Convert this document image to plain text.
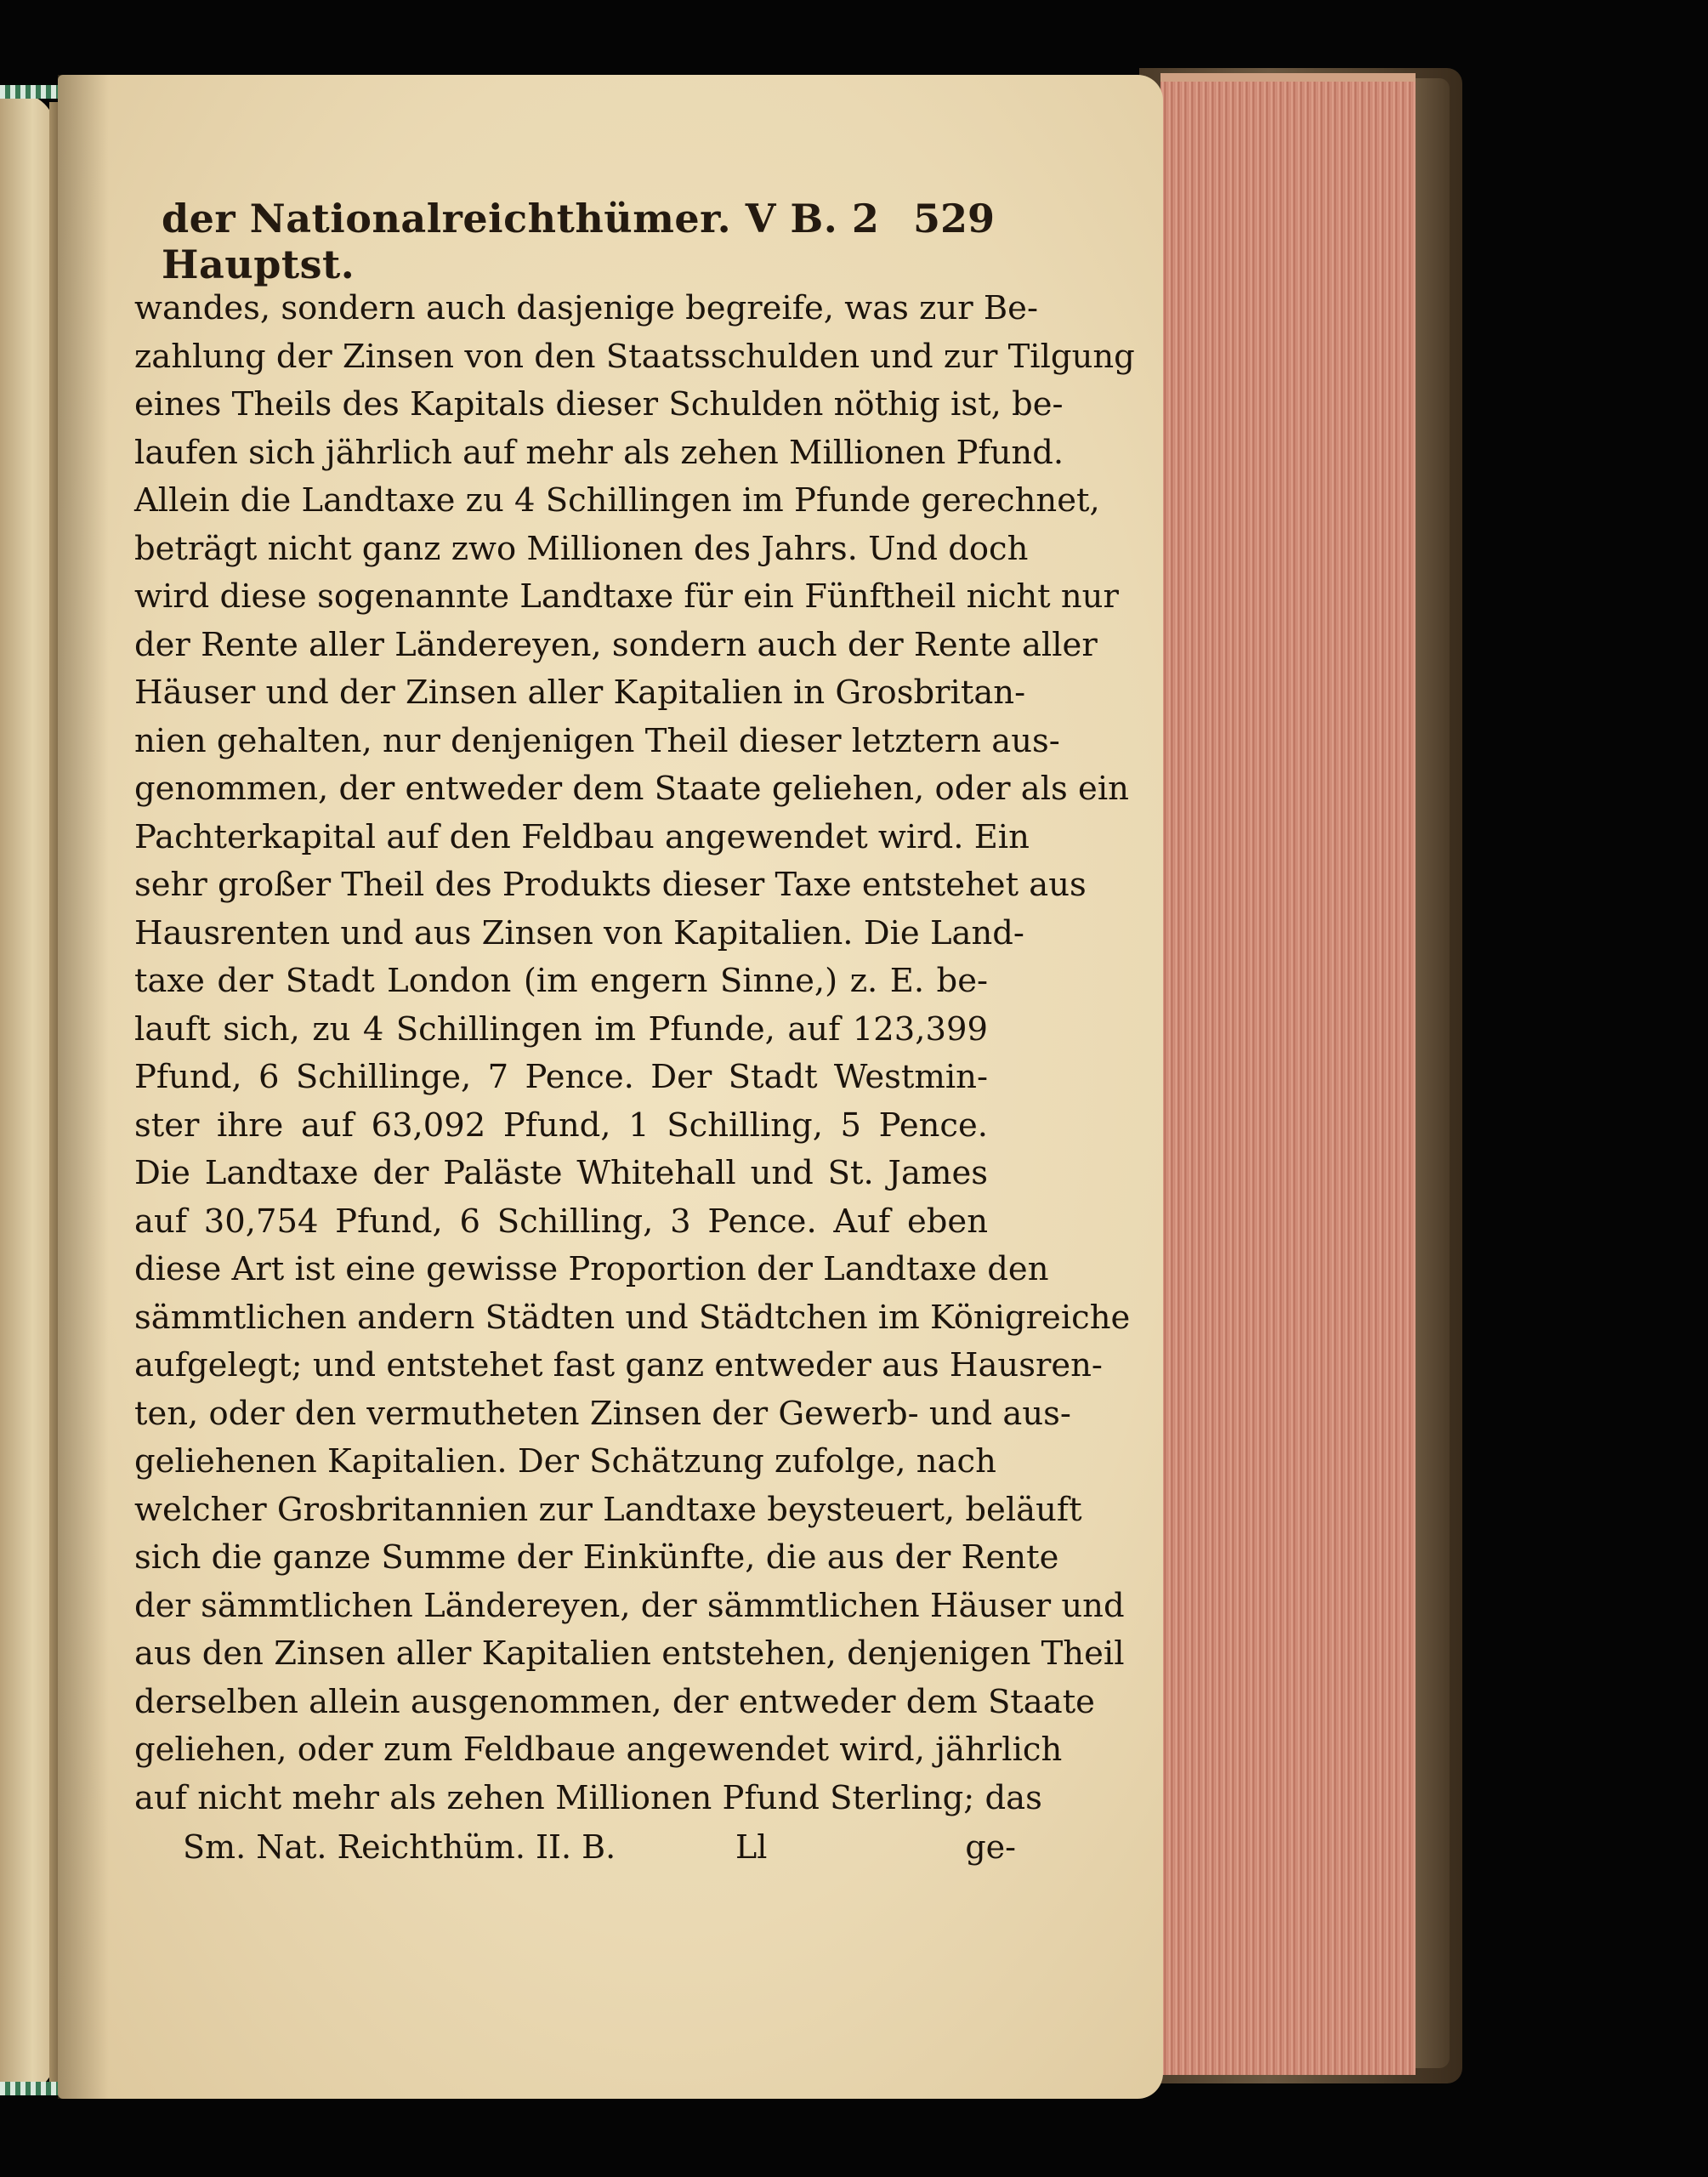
der Nationalreichthümer. V B. 2 Hauptst.
529
wandes, sondern auch dasjenige begreife, was zur Be-
zahlung der Zinsen von den Staatsschulden und zur Tilgung
eines Theils des Kapitals dieser Schulden nöthig ist, be-
laufen sich jährlich auf mehr als zehen Millionen Pfund.
Allein die Landtaxe zu 4 Schillingen im Pfunde gerechnet,
beträgt nicht ganz zwo Millionen des Jahrs. Und doch
wird diese sogenannte Landtaxe für ein Fünftheil nicht nur
der Rente aller Ländereyen, sondern auch der Rente aller
Häuser und der Zinsen aller Kapitalien in Grosbritan-
nien gehalten, nur denjenigen Theil dieser letztern aus-
genommen, der entweder dem Staate geliehen, oder als ein
Pachterkapital auf den Feldbau angewendet wird. Ein
sehr großer Theil des Produkts dieser Taxe entstehet aus
Hausrenten und aus Zinsen von Kapitalien. Die Land-
taxe der Stadt London (im engern Sinne,) z. E. be-
lauft sich, zu 4 Schillingen im Pfunde, auf 123,399
Pfund, 6 Schillinge, 7 Pence. Der Stadt Westmin-
ster ihre auf 63,092 Pfund, 1 Schilling, 5 Pence.
Die Landtaxe der Paläste Whitehall und St. James
auf 30,754 Pfund, 6 Schilling, 3 Pence. Auf eben
diese Art ist eine gewisse Proportion der Landtaxe den
sämmtlichen andern Städten und Städtchen im Königreiche
aufgelegt; und entstehet fast ganz entweder aus Hausren-
ten, oder den vermutheten Zinsen der Gewerb- und aus-
geliehenen Kapitalien. Der Schätzung zufolge, nach
welcher Grosbritannien zur Landtaxe beysteuert, beläuft
sich die ganze Summe der Einkünfte, die aus der Rente
der sämmtlichen Ländereyen, der sämmtlichen Häuser und
aus den Zinsen aller Kapitalien entstehen, denjenigen Theil
derselben allein ausgenommen, der entweder dem Staate
geliehen, oder zum Feldbaue angewendet wird, jährlich
auf nicht mehr als zehen Millionen Pfund Sterling; das
Sm. Nat. Reichthüm. II. B.	Ll	ge-
